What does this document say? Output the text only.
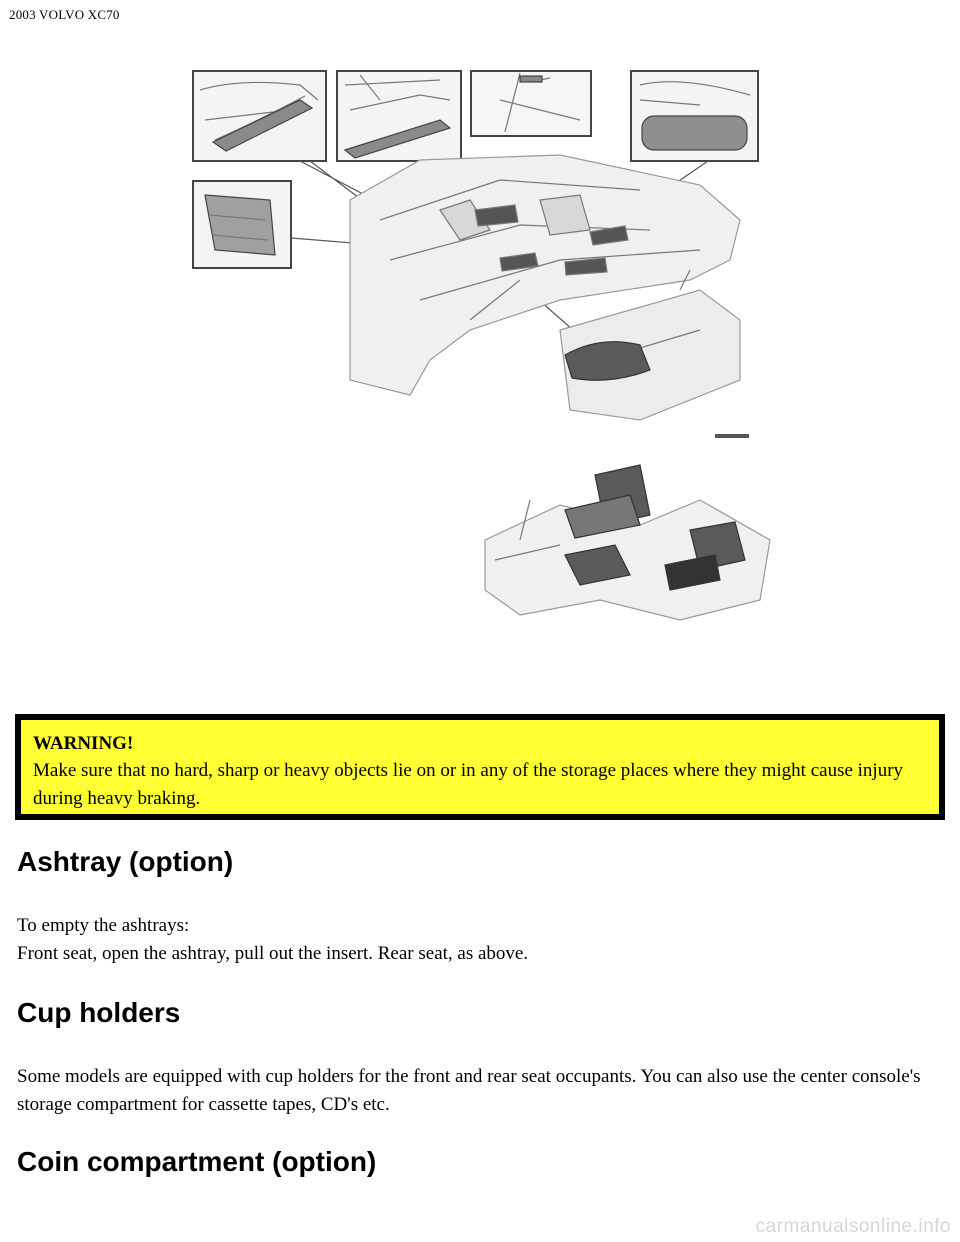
2003 VOLVO XC70
WARNING!
Make sure that no hard, sharp or heavy objects lie on or in any of the storage places where they might cause injury during heavy braking.
Ashtray (option)
To empty the ashtrays:
Front seat, open the ashtray, pull out the insert. Rear seat, as above.
Cup holders
Some models are equipped with cup holders for the front and rear seat occupants. You can also use the center console's storage compartment for cassette tapes, CD's etc.
Coin compartment (option)
carmanualsonline.info
